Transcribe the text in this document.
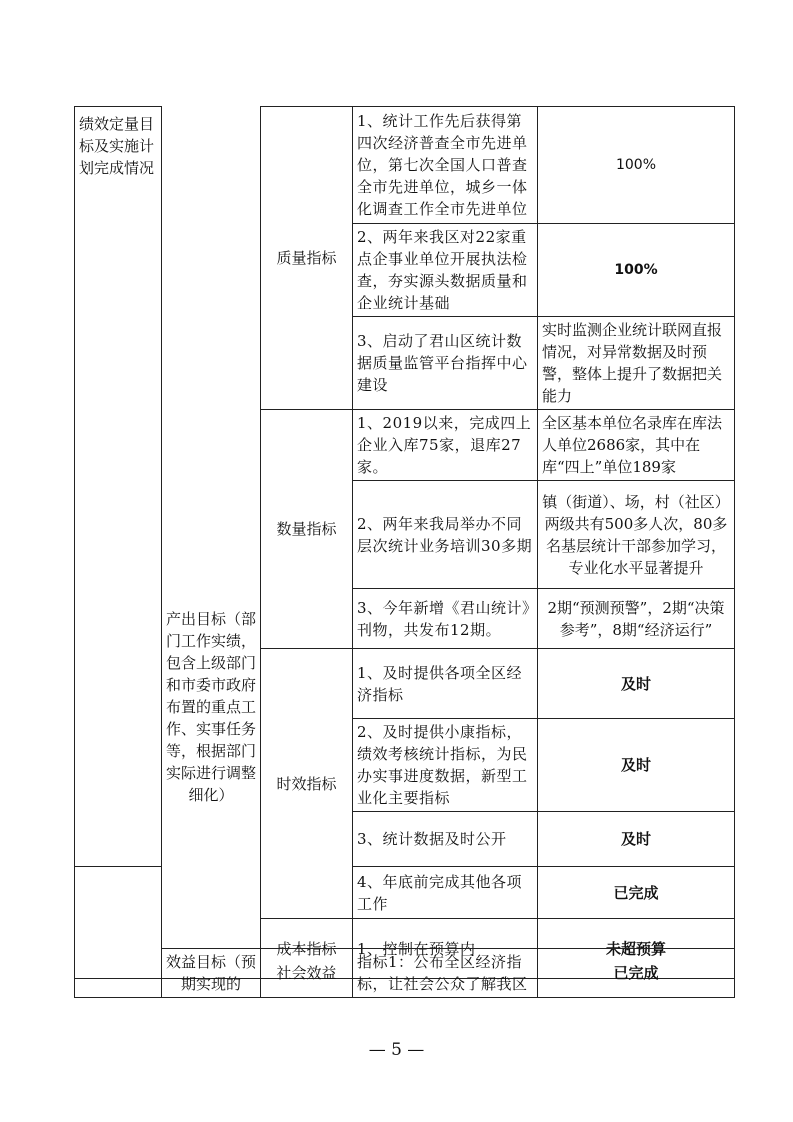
绩效定量目标及实施计划完成情况	产出目标（部门工作实绩，包含上级部门和市委市政府布置的重点工作、实事任务等，根据部门实际进行调整细化）	质量指标	1、统计工作先后获得第四次经济普查全市先进单位，第七次全国人口普查全市先进单位，城乡一体化调查工作全市先进单位	100%
			2、两年来我区对22家重点企事业单位开展执法检查，夯实源头数据质量和企业统计基础	100%
			3、启动了君山区统计数据质量监管平台指挥中心建设	实时监测企业统计联网直报情况，对异常数据及时预警，整体上提升了数据把关能力
		数量指标	1、2019以来，完成四上企业入库75家，退库27家。	全区基本单位名录库在库法人单位2686家，其中在库“四上”单位189家
			2、两年来我局举办不同层次统计业务培训30多期	镇（街道）、场，村（社区）两级共有500多人次，80多名基层统计干部参加学习，专业化水平显著提升
			3、今年新增《君山统计》刊物，共发布12期。	2期“预测预警”，2期“决策参考”，8期“经济运行”
		时效指标	1、及时提供各项全区经济指标	及时
			2、及时提供小康指标，绩效考核统计指标，为民办实事进度数据，新型工业化主要指标	及时
			3、统计数据及时公开	及时
			4、年底前完成其他各项工作	已完成
		成本指标	1、控制在预算内	未超预算
	效益目标（预期实现的	社会效益	指标1：公布全区经济指标，让社会公众了解我区	已完成
— 5 —
